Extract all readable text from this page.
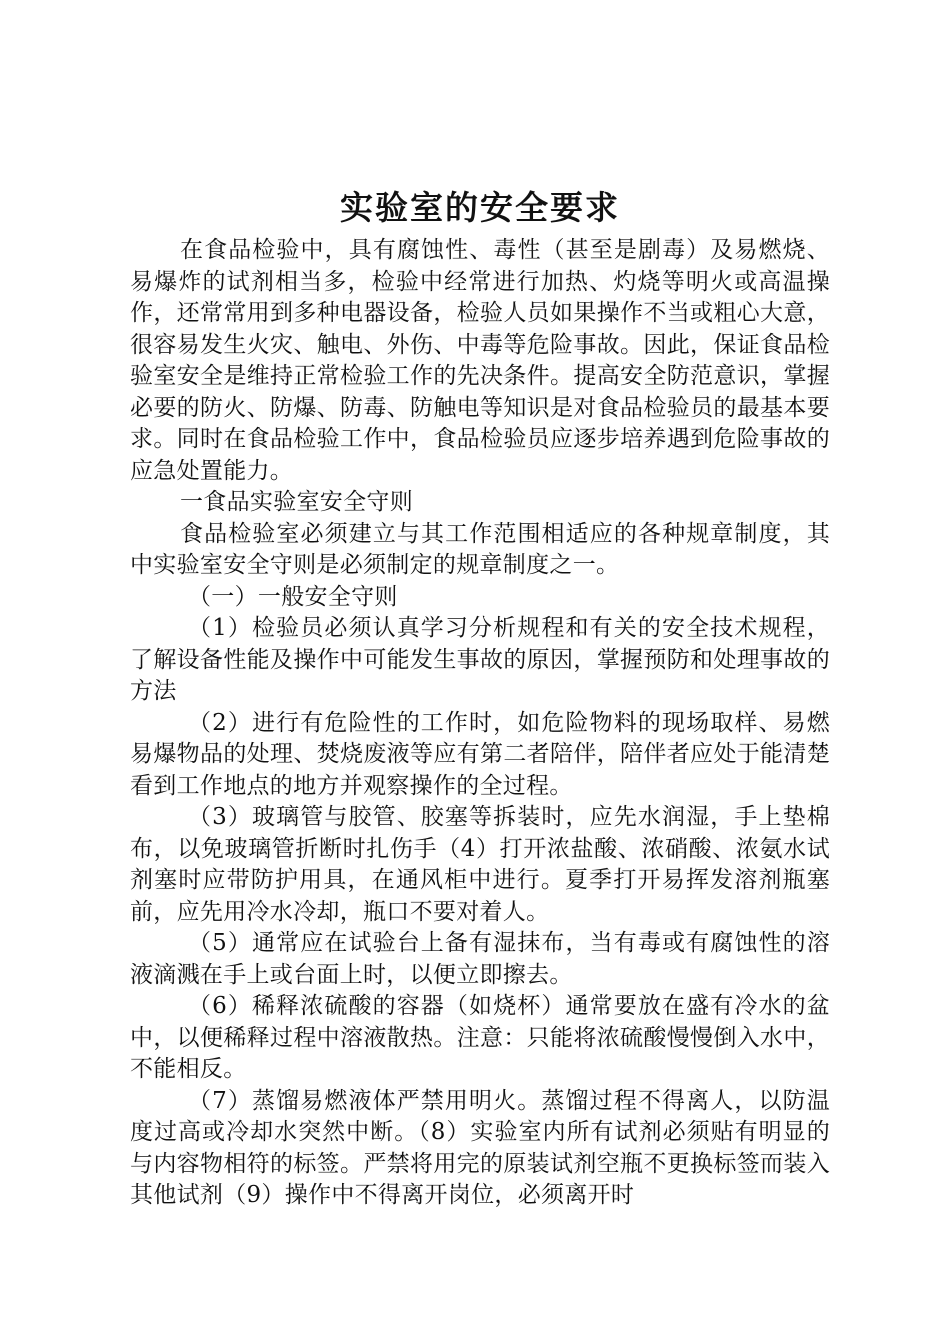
实验室的安全要求

在食品检验中，具有腐蚀性、毒性（甚至是剧毒）及易燃烧、易爆炸的试剂相当多，检验中经常进行加热、灼烧等明火或高温操作，还常常用到多种电器设备，检验人员如果操作不当或粗心大意，很容易发生火灾、触电、外伤、中毒等危险事故。因此，保证食品检验室安全是维持正常检验工作的先决条件。提高安全防范意识，掌握必要的防火、防爆、防毒、防触电等知识是对食品检验员的最基本要求。同时在食品检验工作中，食品检验员应逐步培养遇到危险事故的应急处置能力。

一食品实验室安全守则

食品检验室必须建立与其工作范围相适应的各种规章制度，其中实验室安全守则是必须制定的规章制度之一。

（一）一般安全守则

（1）检验员必须认真学习分析规程和有关的安全技术规程，了解设备性能及操作中可能发生事故的原因，掌握预防和处理事故的方法

（2）进行有危险性的工作时，如危险物料的现场取样、易燃易爆物品的处理、焚烧废液等应有第二者陪伴，陪伴者应处于能清楚看到工作地点的地方并观察操作的全过程。

（3）玻璃管与胶管、胶塞等拆装时，应先水润湿，手上垫棉布，以免玻璃管折断时扎伤手（4）打开浓盐酸、浓硝酸、浓氨水试剂塞时应带防护用具，在通风柜中进行。夏季打开易挥发溶剂瓶塞前，应先用冷水冷却，瓶口不要对着人。

（5）通常应在试验台上备有湿抹布，当有毒或有腐蚀性的溶液滴溅在手上或台面上时，以便立即擦去。

（6）稀释浓硫酸的容器（如烧杯）通常要放在盛有冷水的盆中，以便稀释过程中溶液散热。注意：只能将浓硫酸慢慢倒入水中，不能相反。

（7）蒸馏易燃液体严禁用明火。蒸馏过程不得离人，以防温度过高或冷却水突然中断。（8）实验室内所有试剂必须贴有明显的与内容物相符的标签。严禁将用完的原装试剂空瓶不更换标签而装入其他试剂（9）操作中不得离开岗位，必须离开时
